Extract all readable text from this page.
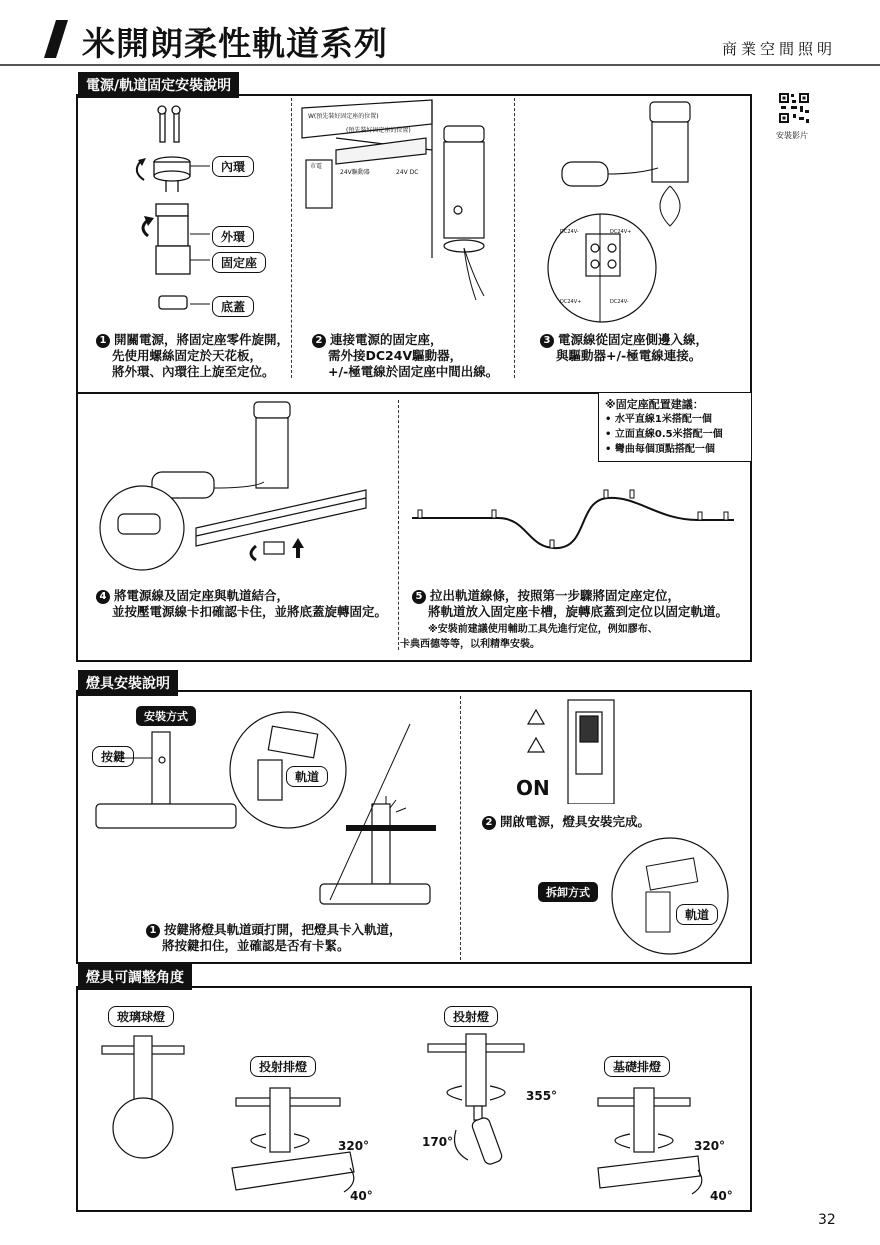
米開朗柔性軌道系列	商業空間照明
安裝影片
電源/軌道固定安裝說明
內環
外環
固定座
底蓋
W(預先裝好固定座的位置)
(預先裝好固定座的位置)
市電
24V驅動器	24V DC
DC24V-	DC24V+
DC24V+	DC24V-
1 開關電源，將固定座零件旋開，
先使用螺絲固定於天花板，
將外環、內環往上旋至定位。
2 連接電源的固定座，
需外接DC24V驅動器，
+/-極電線於固定座中間出線。
3 電源線從固定座側邊入線，
與驅動器+/-極電線連接。
※固定座配置建議：
• 水平直線1米搭配一個
• 立面直線0.5米搭配一個
• 彎曲每個頂點搭配一個
4 將電源線及固定座與軌道結合，
並按壓電源線卡扣確認卡住，並將底蓋旋轉固定。
5 拉出軌道線條，按照第一步驟將固定座定位，
將軌道放入固定座卡槽，旋轉底蓋到定位以固定軌道。
※安裝前建議使用輔助工具先進行定位，例如膠布、
卡典西德等等，以利精準安裝。
燈具安裝說明
安裝方式
按鍵
軌道
1 按鍵將燈具軌道頭打開，把燈具卡入軌道，
將按鍵扣住，並確認是否有卡緊。
ON
2 開啟電源，燈具安裝完成。
拆卸方式
軌道
燈具可調整角度
玻璃球燈
投射排燈
投射燈
基礎排燈
320°
40°
355°
170°	320°
40°
32
